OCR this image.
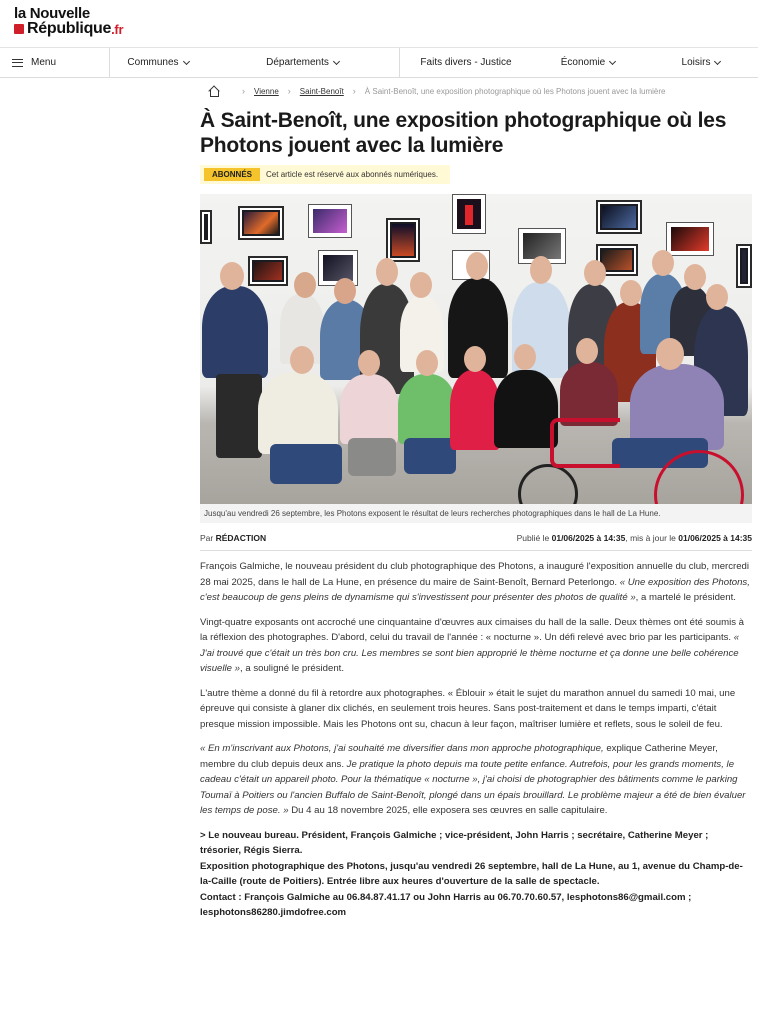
la Nouvelle
République .fr
Menu	Communes	Départements	Faits divers - Justice	Économie	Loisirs
› Vienne › Saint-Benoît › À Saint-Benoît, une exposition photographique où les Photons jouent avec la lumière
À Saint-Benoît, une exposition photographique où les Photons jouent avec la lumière
ABONNÉS	Cet article est réservé aux abonnés numériques.
Jusqu'au vendredi 26 septembre, les Photons exposent le résultat de leurs recherches photographiques dans le hall de La Hune.
Par RÉDACTION	Publié le 01/06/2025 à 14:35, mis à jour le 01/06/2025 à 14:35

François Galmiche, le nouveau président du club photographique des Photons, a inauguré l'exposition annuelle du club, mercredi 28 mai 2025, dans le hall de La Hune, en présence du maire de Saint-Benoît, Bernard Peterlongo. « Une exposition des Photons, c'est beaucoup de gens pleins de dynamisme qui s'investissent pour présenter des photos de qualité », a martelé le président.

Vingt-quatre exposants ont accroché une cinquantaine d'œuvres aux cimaises du hall de la salle. Deux thèmes ont été soumis à la réflexion des photographes. D'abord, celui du travail de l'année : « nocturne ». Un défi relevé avec brio par les participants. « J'ai trouvé que c'était un très bon cru. Les membres se sont bien approprié le thème nocturne et ça donne une belle cohérence visuelle », a souligné le président.

L'autre thème a donné du fil à retordre aux photographes. « Éblouir » était le sujet du marathon annuel du samedi 10 mai, une épreuve qui consiste à glaner dix clichés, en seulement trois heures. Sans post-traitement et dans le temps imparti, c'était presque mission impossible. Mais les Photons ont su, chacun à leur façon, maîtriser lumière et reflets, sous le soleil de feu.

« En m'inscrivant aux Photons, j'ai souhaité me diversifier dans mon approche photographique, explique Catherine Meyer, membre du club depuis deux ans. Je pratique la photo depuis ma toute petite enfance. Autrefois, pour les grands moments, le cadeau c'était un appareil photo. Pour la thématique « nocturne », j'ai choisi de photographier des bâtiments comme le parking Toumaï à Poitiers ou l'ancien Buffalo de Saint-Benoît, plongé dans un épais brouillard. Le problème majeur a été de bien évaluer les temps de pose. » Du 4 au 18 novembre 2025, elle exposera ses œuvres en salle capitulaire.

> Le nouveau bureau. Président, François Galmiche ; vice-président, John Harris ; secrétaire, Catherine Meyer ; trésorier, Régis Sierra.

Exposition photographique des Photons, jusqu'au vendredi 26 septembre, hall de La Hune, au 1, avenue du Champ-de-la-Caille (route de Poitiers). Entrée libre aux heures d'ouverture de la salle de spectacle.

Contact : François Galmiche au 06.84.87.41.17 ou John Harris au 06.70.70.60.57, lesphotons86@gmail.com ; lesphotons86280.jimdofree.com
